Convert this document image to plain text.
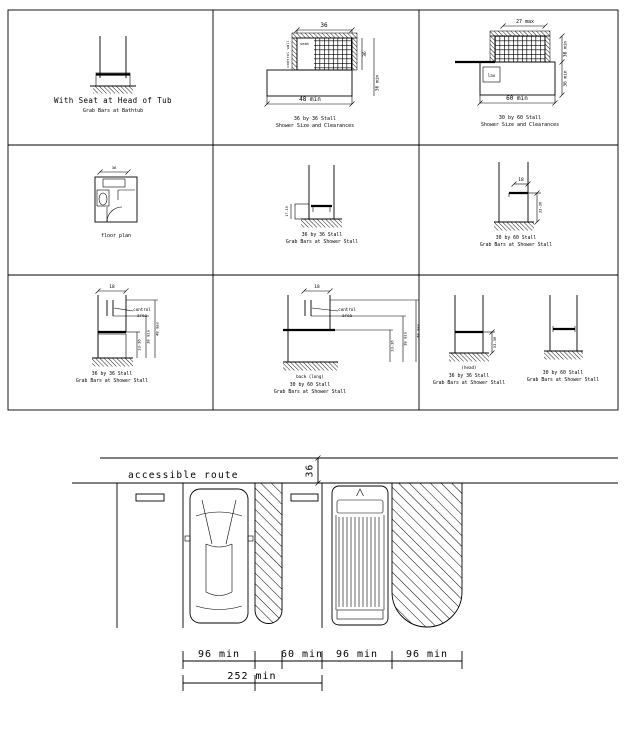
With Seat at Head of Tub
Grab Bars at Bathtub
36
seat
control wall
48 min
36
36 min
36 by 36 Stall
Shower Size and Clearances
27 max
lav
30 min
36 min
60 min
30 by 60 Stall
Shower Size and Clearances
36
floor plan
17-19
36 by 36 Stall
Grab Bars at Shower Stall
18
33-36
30 by 60 Stall
Grab Bars at Shower Stall
18
control
area
33-36
38 min
48 max
36 by 36 Stall
Grab Bars at Shower Stall
18
control
area
33-36
38 min
48 max
back (long)
30 by 60 Stall
Grab Bars at Shower Stall
33-36
(head)
36 by 36 Stall
Grab Bars at Shower Stall
30 by 60 Stall
Grab Bars at Shower Stall
accessible route	36
96 min	60 min 96 min	96 min
252 min
